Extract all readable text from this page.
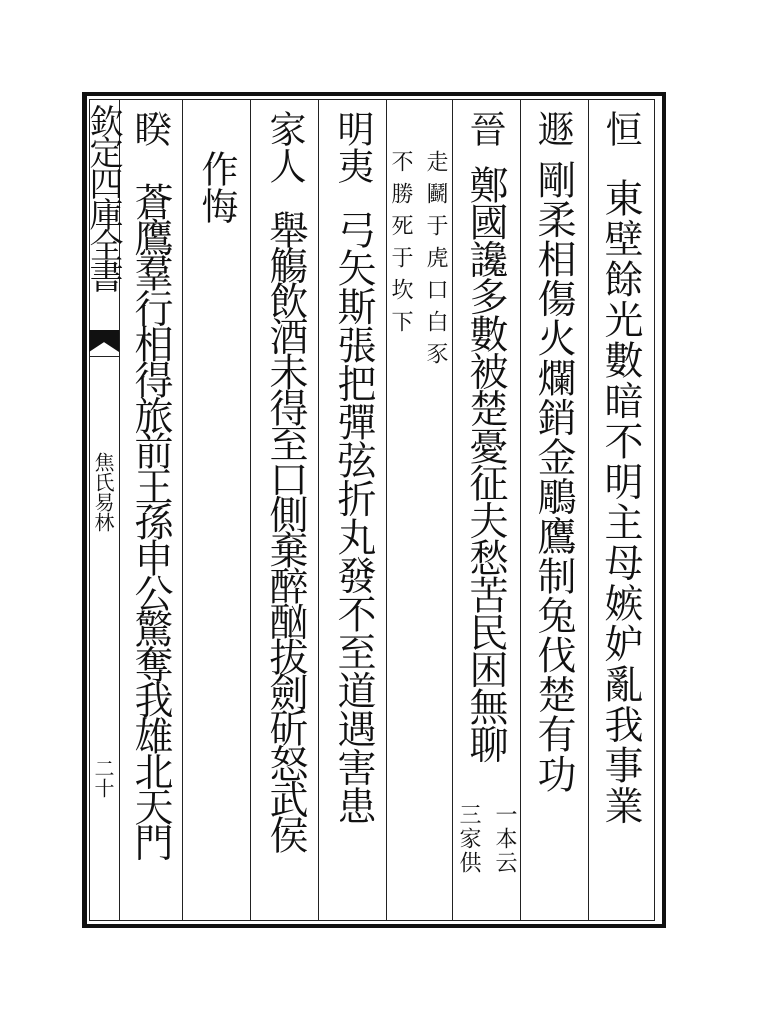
欽定四庫全書
焦氏易林
二十
恒
東壁餘光數暗不明主母嫉妒亂我事業
遯
剛柔相傷火爛銷金鵰鷹制兔伐楚有功
晉
鄭國讒多數被楚憂征夫愁苦民困無聊
一本云
三家供
走鬬于虎口白豕
不勝死于坎下
明夷
弓矢斯張把彈弦折丸發不至道遇害患
家人
舉觴飲酒未得至口側棄醉酗拔劍斫怒武侯
作悔
睽
蒼鷹羣行相得旅前王孫申公驚奪我雄北天門
